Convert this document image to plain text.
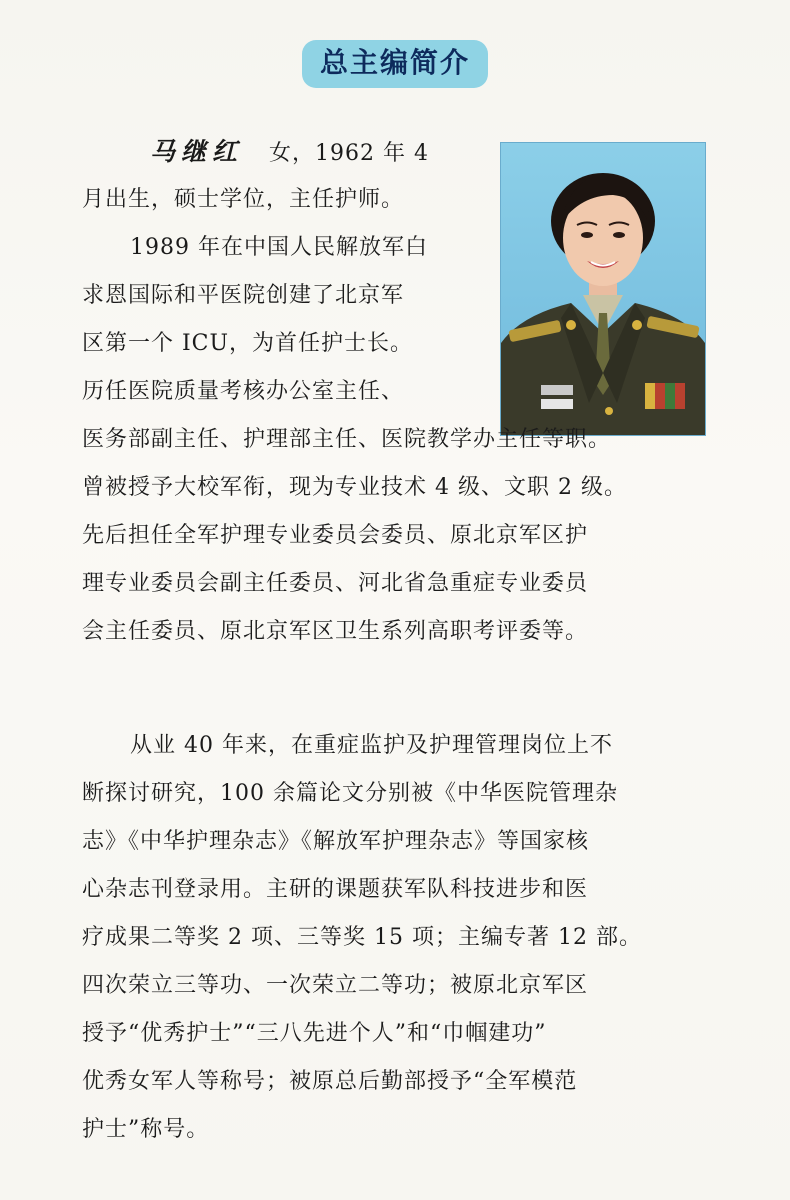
总主编简介
马继红 女，1962 年 4
月出生，硕士学位，主任护师。
1989 年在中国人民解放军白
求恩国际和平医院创建了北京军
区第一个 ICU，为首任护士长。
历任医院质量考核办公室主任、
医务部副主任、护理部主任、医院教学办主任等职。
曾被授予大校军衔，现为专业技术 4 级、文职 2 级。
先后担任全军护理专业委员会委员、原北京军区护
理专业委员会副主任委员、河北省急重症专业委员
会主任委员、原北京军区卫生系列高职考评委等。
从业 40 年来，在重症监护及护理管理岗位上不
断探讨研究，100 余篇论文分别被《中华医院管理杂
志》《中华护理杂志》《解放军护理杂志》等国家核
心杂志刊登录用。主研的课题获军队科技进步和医
疗成果二等奖 2 项、三等奖 15 项；主编专著 12 部。
四次荣立三等功、一次荣立二等功；被原北京军区
授予“优秀护士”“三八先进个人”和“巾帼建功”
优秀女军人等称号；被原总后勤部授予“全军模范
护士”称号。
